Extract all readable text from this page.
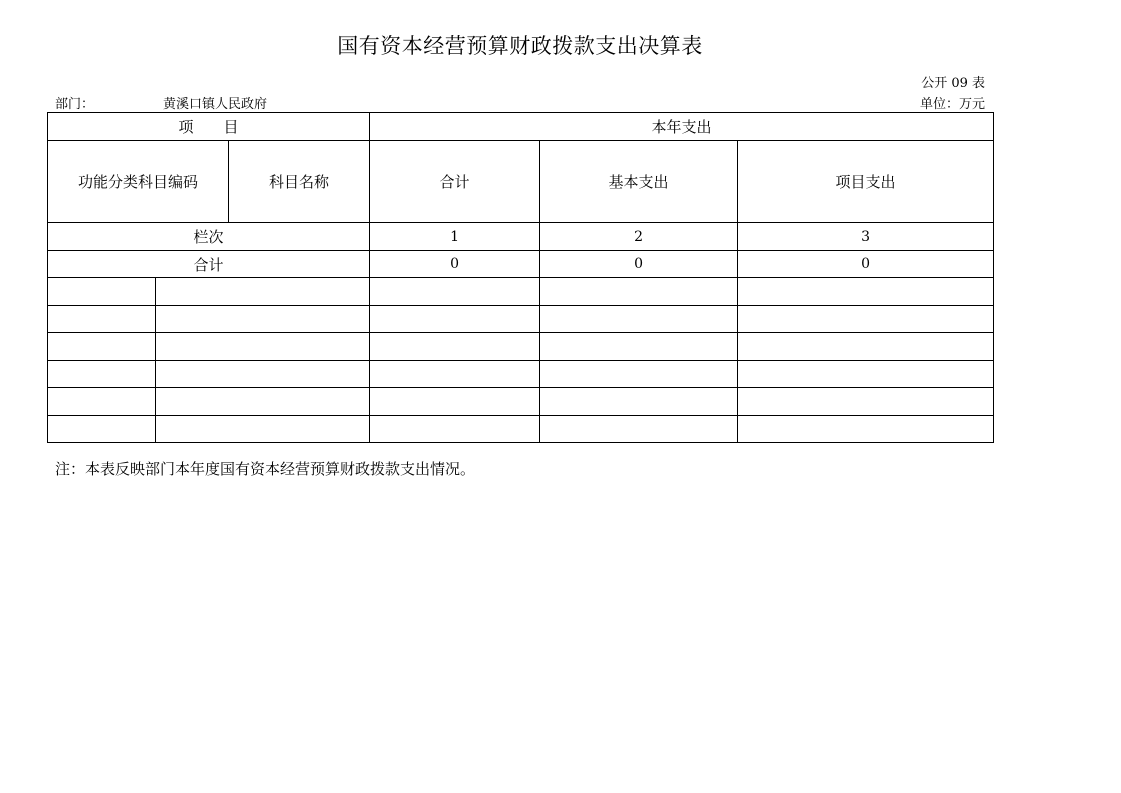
国有资本经营预算财政拨款支出决算表
公开 09 表
部门：	黄溪口镇人民政府	单位：万元
项　　目			本年支出		
功能分类科目编码		科目名称	合计	基本支出	项目支出
栏次			1	2	3
合计			0	0	0

注：本表反映部门本年度国有资本经营预算财政拨款支出情况。
